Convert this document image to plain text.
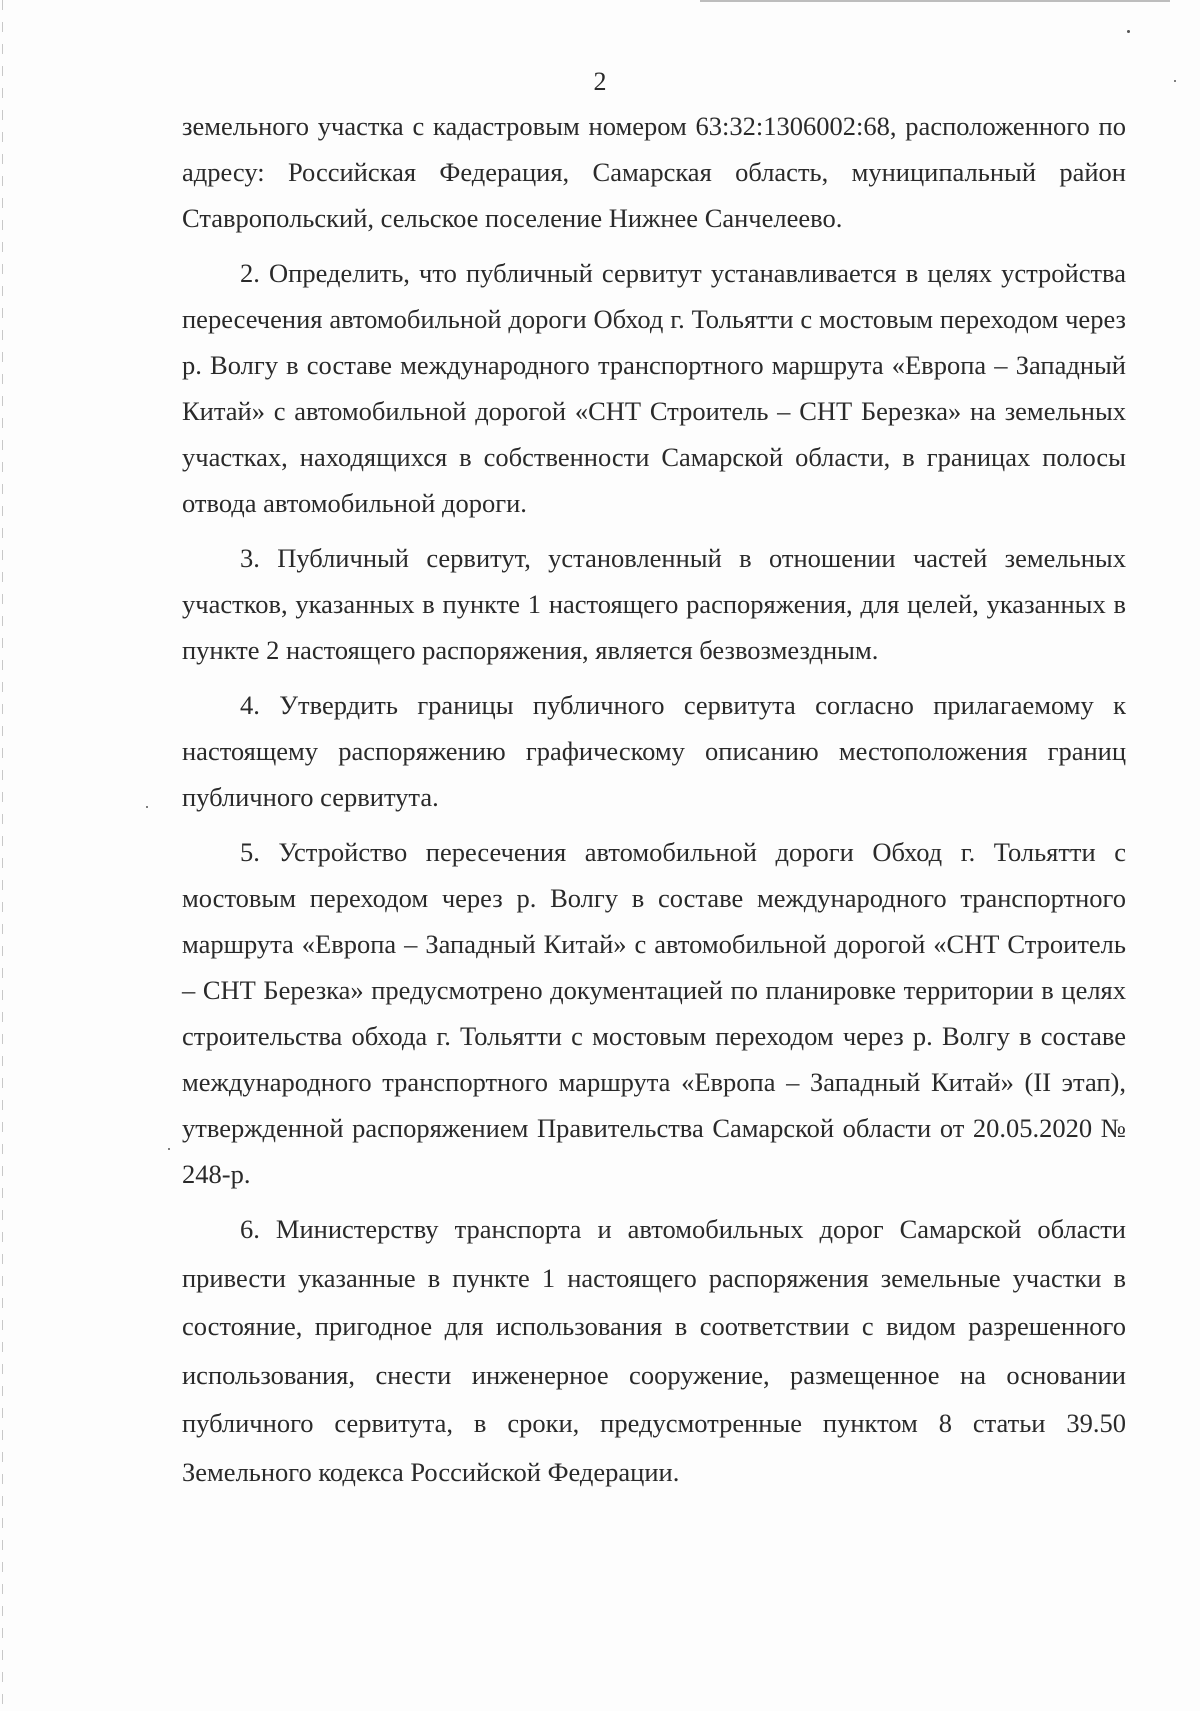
2

земельного участка с кадастровым номером 63:32:1306002:68, расположенного по адресу: Российская Федерация, Самарская область, муниципальный район Ставропольский, сельское поселение Нижнее Санчелеево.

2. Определить, что публичный сервитут устанавливается в целях устройства пересечения автомобильной дороги Обход г. Тольятти с мостовым переходом через р. Волгу в составе международного транспортного маршрута «Европа – Западный Китай» с автомобильной дорогой «СНТ Строитель – СНТ Березка» на земельных участках, находящихся в собственности Самарской области, в границах полосы отвода автомобильной дороги.

3. Публичный сервитут, установленный в отношении частей земельных участков, указанных в пункте 1 настоящего распоряжения, для целей, указанных в пункте 2 настоящего распоряжения, является безвозмездным.

4. Утвердить границы публичного сервитута согласно прилагаемому к настоящему распоряжению графическому описанию местоположения границ публичного сервитута.

5. Устройство пересечения автомобильной дороги Обход г. Тольятти с мостовым переходом через р. Волгу в составе международного транспортного маршрута «Европа – Западный Китай» с автомобильной дорогой «СНТ Строитель – СНТ Березка» предусмотрено документацией по планировке территории в целях строительства обхода г. Тольятти с мостовым переходом через р. Волгу в составе международного транспортного маршрута «Европа – Западный Китай» (II этап), утвержденной распоряжением Правительства Самарской области от 20.05.2020 № 248-р.

6. Министерству транспорта и автомобильных дорог Самарской области привести указанные в пункте 1 настоящего распоряжения земельные участки в состояние, пригодное для использования в соответствии с видом разрешенного использования, снести инженерное сооружение, размещенное на основании публичного сервитута, в сроки, предусмотренные пунктом 8 статьи 39.50 Земельного кодекса Российской Федерации.
